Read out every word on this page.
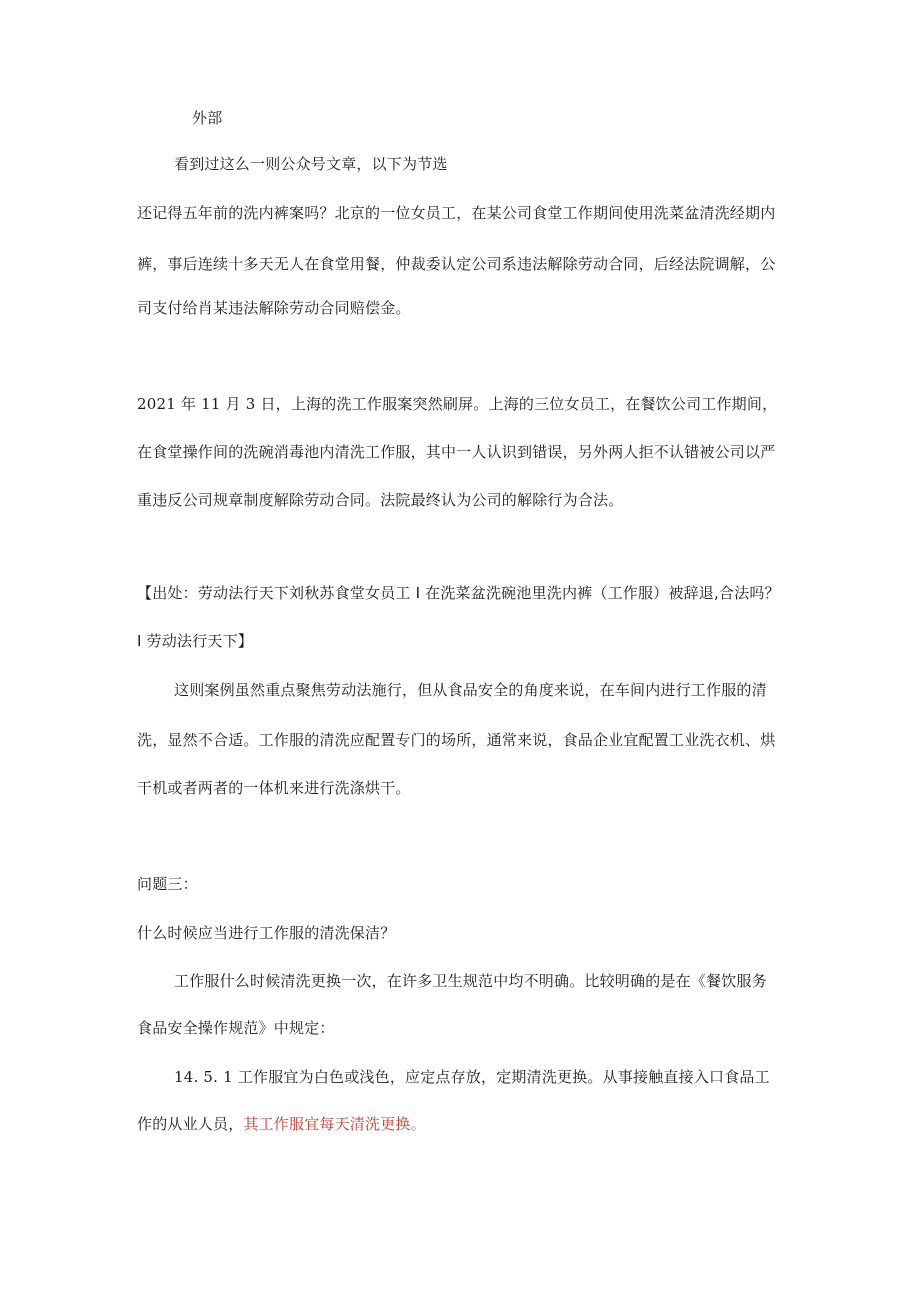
外部
看到过这么一则公众号文章，以下为节选
还记得五年前的洗内裤案吗？北京的一位女员工，在某公司食堂工作期间使用洗菜盆清洗经期内
裤，事后连续十多天无人在食堂用餐，仲裁委认定公司系违法解除劳动合同，后经法院调解，公
司支付给肖某违法解除劳动合同赔偿金。
2021 年 11 月 3 日，上海的洗工作服案突然刷屏。上海的三位女员工，在餐饮公司工作期间，
在食堂操作间的洗碗消毒池内清洗工作服，其中一人认识到错误，另外两人拒不认错被公司以严
重违反公司规章制度解除劳动合同。法院最终认为公司的解除行为合法。
【出处：劳动法行天下刘秋苏食堂女员工 I 在洗菜盆洗碗池里洗内裤（工作服）被辞退,合法吗？
I 劳动法行天下】
这则案例虽然重点聚焦劳动法施行，但从食品安全的角度来说，在车间内进行工作服的清
洗，显然不合适。工作服的清洗应配置专门的场所，通常来说，食品企业宜配置工业洗衣机、烘
干机或者两者的一体机来进行洗涤烘干。
问题三：
什么时候应当进行工作服的清洗保洁？
工作服什么时候清洗更换一次，在许多卫生规范中均不明确。比较明确的是在《餐饮服务
食品安全操作规范》中规定：
14. 5. 1 工作服宜为白色或浅色，应定点存放，定期清洗更换。从事接触直接入口食品工
作的从业人员，其工作服宜每天清洗更换。
